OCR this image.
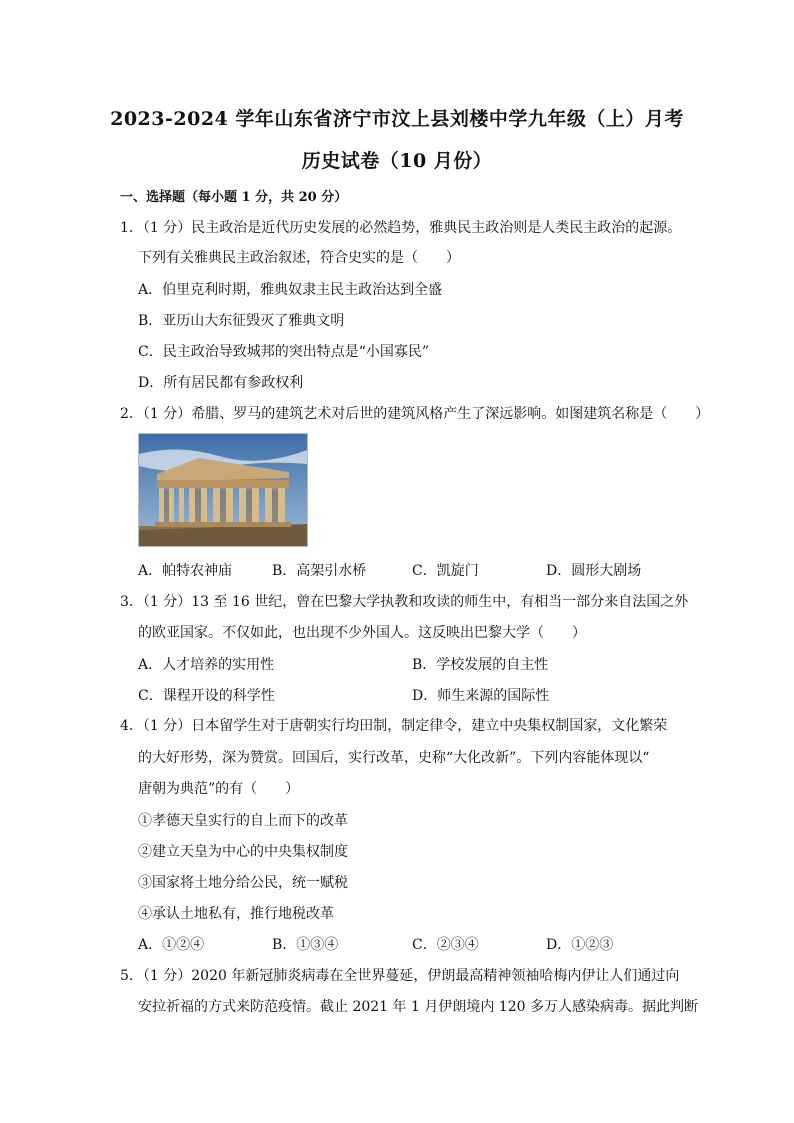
2023-2024 学年山东省济宁市汶上县刘楼中学九年级（上）月考
历史试卷（10 月份）

一、选择题（每小题 1 分，共 20 分）

1．（1 分）民主政治是近代历史发展的必然趋势，雅典民主政治则是人类民主政治的起源。
下列有关雅典民主政治叙述，符合史实的是（　　）
A．伯里克利时期，雅典奴隶主民主政治达到全盛
B．亚历山大东征毁灭了雅典文明
C．民主政治导致城邦的突出特点是“小国寡民”
D．所有居民都有参政权利
2．（1 分）希腊、罗马的建筑艺术对后世的建筑风格产生了深远影响。如图建筑名称是（　　）
A．帕特农神庙	B．高架引水桥	C．凯旋门	D．圆形大剧场
3．（1 分）13 至 16 世纪，曾在巴黎大学执教和攻读的师生中，有相当一部分来自法国之外
的欧亚国家。不仅如此，也出现不少外国人。这反映出巴黎大学（　　）
A．人才培养的实用性	B．学校发展的自主性
C．课程开设的科学性	D．师生来源的国际性
4．（1 分）日本留学生对于唐朝实行均田制，制定律令，建立中央集权制国家，文化繁荣
的大好形势，深为赞赏。回国后，实行改革，史称“大化改新”。下列内容能体现以“
唐朝为典范”的有（　　）
①孝德天皇实行的自上而下的改革
②建立天皇为中心的中央集权制度
③国家将土地分给公民，统一赋税
④承认土地私有，推行地税改革
A．①②④	B．①③④	C．②③④	D．①②③
5．（1 分）2020 年新冠肺炎病毒在全世界蔓延，伊朗最高精神领袖哈梅内伊让人们通过向
安拉祈福的方式来防范疫情。截止 2021 年 1 月伊朗境内 120 多万人感染病毒。据此判断
